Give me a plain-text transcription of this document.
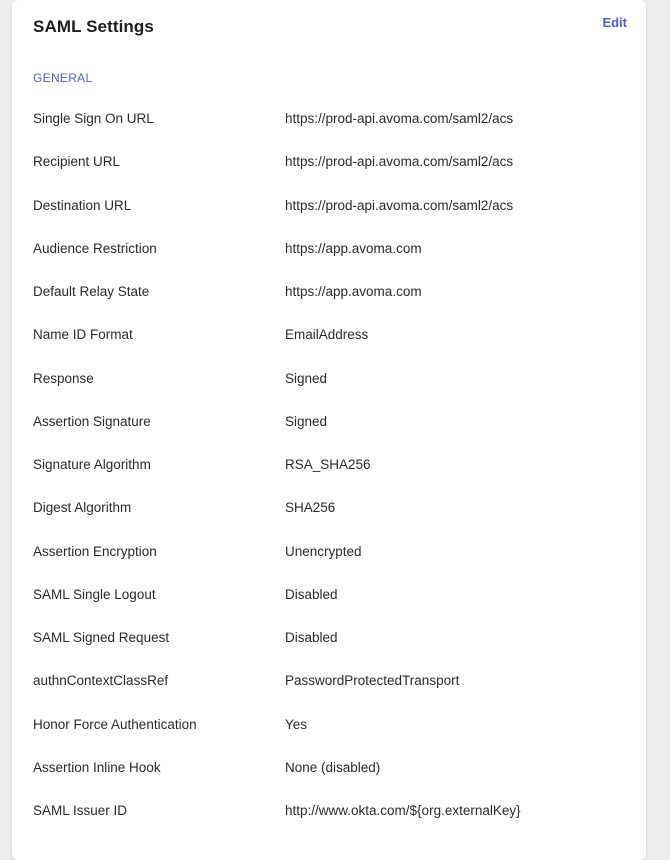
SAML Settings	Edit
GENERAL
Single Sign On URL	https://prod-api.avoma.com/saml2/acs
Recipient URL	https://prod-api.avoma.com/saml2/acs
Destination URL	https://prod-api.avoma.com/saml2/acs
Audience Restriction	https://app.avoma.com
Default Relay State	https://app.avoma.com
Name ID Format	EmailAddress
Response	Signed
Assertion Signature	Signed
Signature Algorithm	RSA_SHA256
Digest Algorithm	SHA256
Assertion Encryption	Unencrypted
SAML Single Logout	Disabled
SAML Signed Request	Disabled
authnContextClassRef	PasswordProtectedTransport
Honor Force Authentication	Yes
Assertion Inline Hook	None (disabled)
SAML Issuer ID	http://www.okta.com/${org.externalKey}
